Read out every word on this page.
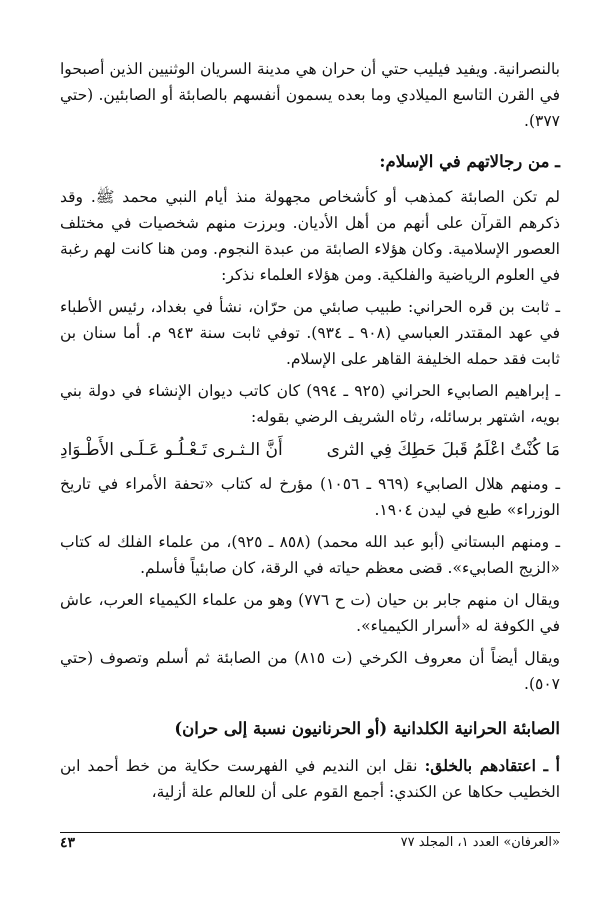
بالنصرانية. ويفيد فيليب حتي أن حران هي مدينة السريان الوثنيين الذين أصبحوا في القرن التاسع الميلادي وما بعده يسمون أنفسهم بالصابئة أو الصابئين. (حتي ٣٧٧).

ـ من رجالاتهم في الإسلام:

لم تكن الصابئة كمذهب أو كأشخاص مجهولة منذ أيام النبي محمد ﷺ. وقد ذكرهم القرآن على أنهم من أهل الأديان. وبرزت منهم شخصيات في مختلف العصور الإسلامية. وكان هؤلاء الصابئة من عبدة النجوم. ومن هنا كانت لهم رغبة في العلوم الرياضية والفلكية. ومن هؤلاء العلماء نذكر:

ـ ثابت بن قره الحراني: طبيب صابئي من حرّان، نشأ في بغداد، رئيس الأطباء في عهد المقتدر العباسي (٩٠٨ ـ ٩٣٤). توفي ثابت سنة ٩٤٣ م. أما سنان بن ثابت فقد حمله الخليفة القاهر على الإسلام.

ـ إبراهيم الصابيء الحراني (٩٢٥ ـ ٩٩٤) كان كاتب ديوان الإنشاء في دولة بني بويه، اشتهر برسائله، رثاه الشريف الرضي بقوله:

مَا كُنْتُ اعْلَمُ قَبلَ حَطِكَ فِي الثرى
أَنَّ الـثـرى تَـعْـلُـو عَـلَـى الأَطْـوَادِ

ـ ومنهم هلال الصابيء (٩٦٩ ـ ١٠٥٦) مؤرخ له كتاب «تحفة الأمراء في تاريخ الوزراء» طبع في ليدن ١٩٠٤.

ـ ومنهم البستاني (أبو عبد الله محمد) (٨٥٨ ـ ٩٢٥)، من علماء الفلك له كتاب «الزيج الصابيء». قضى معظم حياته في الرقة، كان صابئياً فأسلم.

ويقال ان منهم جابر بن حيان (ت ح ٧٧٦) وهو من علماء الكيمياء العرب، عاش في الكوفة له «أسرار الكيمياء».

ويقال أيضاً أن معروف الكرخي (ت ٨١٥) من الصابئة ثم أسلم وتصوف (حتي ٥٠٧).

الصابئة الحرانية الكلدانية (أو الحرنانيون نسبة إلى حران)

أ ـ اعتقادهم بالخلق: نقل ابن النديم في الفهرست حكاية من خط أحمد ابن الخطيب حكاها عن الكندي: أجمع القوم على أن للعالم علة أزلية،

«العرفان» العدد ١، المجلد ٧٧
٤٣
